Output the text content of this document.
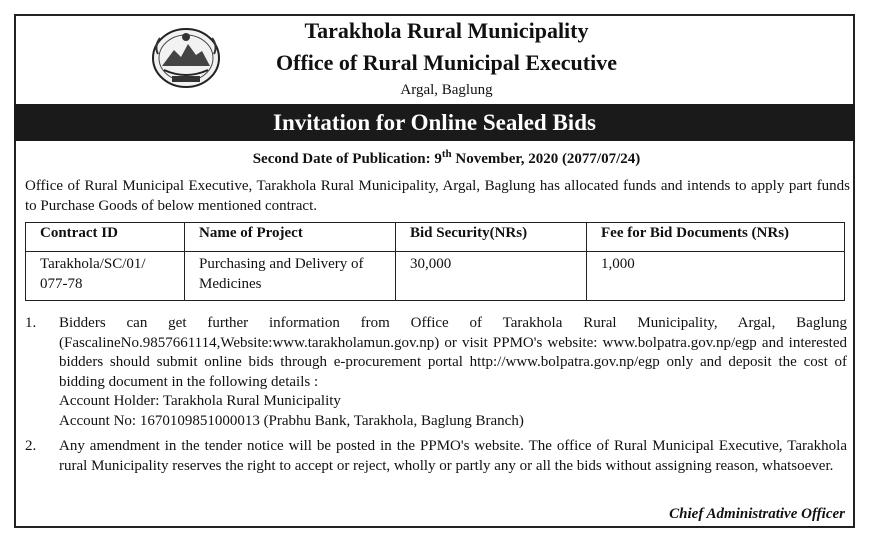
Tarakhola Rural Municipality
Office of Rural Municipal Executive
Argal, Baglung
Invitation for Online Sealed Bids
Second Date of Publication: 9th November, 2020 (2077/07/24)
Office of Rural Municipal Executive, Tarakhola Rural Municipality, Argal, Baglung has allocated funds and intends to apply part funds to Purchase Goods of below mentioned contract.
Contract ID	Name of Project	Bid Security(NRs)	Fee for Bid Documents (NRs)
Tarakhola/SC/01/ 077-78	Purchasing and Delivery of Medicines	30,000	1,000
1.	Bidders can get further information from Office of Tarakhola Rural Municipality, Argal, Baglung (FascalineNo.9857661114,Website:www.tarakholamun.gov.np) or visit PPMO's website: www.bolpatra.gov.np/egp and interested bidders should submit online bids through e-procurement portal http://www.bolpatra.gov.np/egp only and deposit the cost of bidding document in the following details :
Account Holder: Tarakhola Rural Municipality
Account No: 1670109851000013 (Prabhu Bank, Tarakhola, Baglung Branch)
2.	Any amendment in the tender notice will be posted in the PPMO's website. The office of Rural Municipal Executive, Tarakhola rural Municipality reserves the right to accept or reject, wholly or partly any or all the bids without assigning reason, whatsoever.
Chief Administrative Officer
